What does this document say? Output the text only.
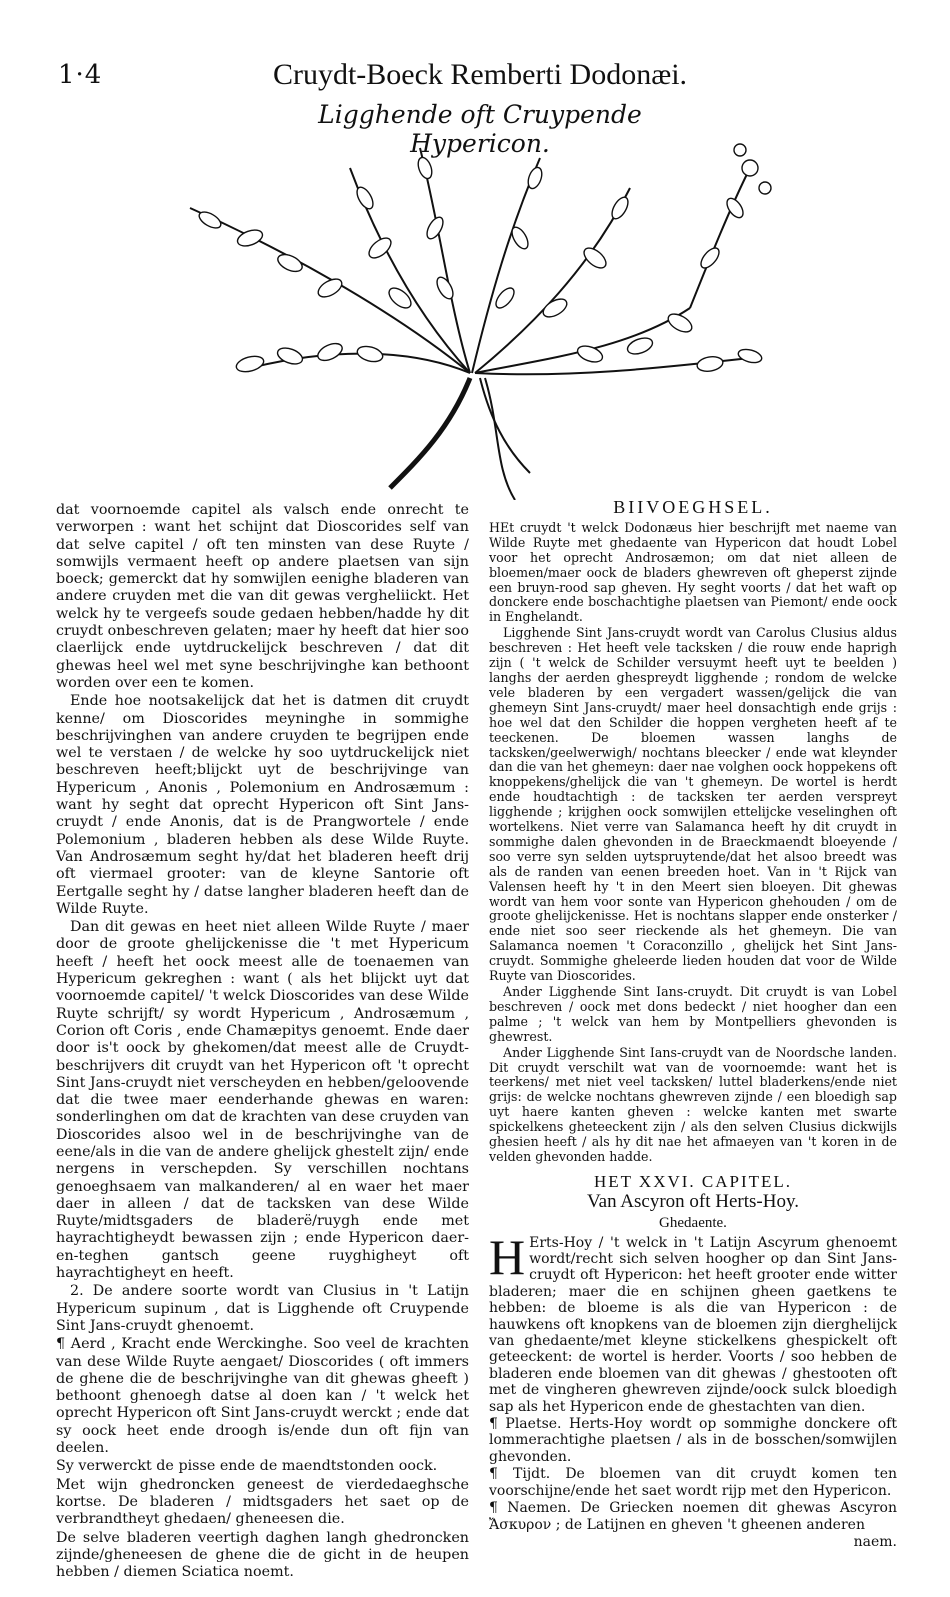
1·4	Cruydt-Boeck Remberti Dodonæi.
Ligghende oft Cruypende Hypericon.

dat voornoemde capitel als valsch ende onrecht te verworpen : want het schijnt dat Dioscorides self van dat selve capitel / oft ten minsten van dese Ruyte / somwijls vermaent heeft op andere plaetsen van sijn boeck; gemerckt dat hy somwijlen eenighe bladeren van andere cruyden met die van dit gewas vergheliickt. Het welck hy te vergeefs soude gedaen hebben/hadde hy dit cruydt onbeschreven gelaten; maer hy heeft dat hier soo claerlijck ende uytdruckelijck beschreven / dat dit ghewas heel wel met syne beschrijvinghe kan bethoont worden over een te komen.

Ende hoe nootsakelijck dat het is datmen dit cruydt kenne/ om Dioscorides meyninghe in sommighe beschrijvinghen van andere cruyden te begrijpen ende wel te verstaen / de welcke hy soo uytdruckelijck niet beschreven heeft;blijckt uyt de beschrijvinge van Hypericum , Anonis , Polemonium en Androsæmum : want hy seght dat oprecht Hypericon oft Sint Jans-cruydt / ende Anonis, dat is de Prangwortele / ende Polemonium , bladeren hebben als dese Wilde Ruyte. Van Androsæmum seght hy/dat het bladeren heeft drij oft viermael grooter: van de kleyne Santorie oft Eertgalle seght hy / datse langher bladeren heeft dan de Wilde Ruyte.

Dan dit gewas en heet niet alleen Wilde Ruyte / maer door de groote ghelijckenisse die 't met Hypericum heeft / heeft het oock meest alle de toenaemen van Hypericum gekreghen : want ( als het blijckt uyt dat voornoemde capitel/ 't welck Dioscorides van dese Wilde Ruyte schrijft/ sy wordt Hypericum , Androsæmum , Corion oft Coris , ende Chamæpitys genoemt. Ende daer door is't oock by ghekomen/dat meest alle de Cruydt-beschrijvers dit cruydt van het Hypericon oft 't oprecht Sint Jans-cruydt niet verscheyden en hebben/geloovende dat die twee maer eenderhande ghewas en waren: sonderlinghen om dat de krachten van dese cruyden van Dioscorides alsoo wel in de beschrijvinghe van de eene/als in die van de andere ghelijck ghestelt zijn/ ende nergens in verschepden. Sy verschillen nochtans genoeghsaem van malkanderen/ al en waer het maer daer in alleen / dat de tacksken van dese Wilde Ruyte/midtsgaders de bladerë/ruygh ende met hayrachtigheydt bewassen zijn ; ende Hypericon daer-en-teghen gantsch geene ruyghigheyt oft hayrachtigheyt en heeft.

2. De andere soorte wordt van Clusius in 't Latijn Hypericum supinum , dat is Ligghende oft Cruypende Sint Jans-cruydt ghenoemt.

¶ Aerd , Kracht ende Werckinghe. Soo veel de krachten van dese Wilde Ruyte aengaet/ Dioscorides ( oft immers de ghene die de beschrijvinghe van dit ghewas gheeft ) bethoont ghenoegh datse al doen kan / 't welck het oprecht Hypericon oft Sint Jans-cruydt werckt ; ende dat sy oock heet ende droogh is/ende dun oft fijn van deelen.

Sy verwerckt de pisse ende de maendtstonden oock.

Met wijn ghedroncken geneest de vierdedaeghsche kortse. De bladeren / midtsgaders het saet op de verbrandtheyt ghedaen/ gheneesen die.

De selve bladeren veertigh daghen langh ghedroncken zijnde/gheneesen de ghene die de gicht in de heupen hebben / diemen Sciatica noemt.

BIIVOEGHSEL.

HEt cruydt 't welck Dodonæus hier beschrijft met naeme van Wilde Ruyte met ghedaente van Hypericon dat houdt Lobel voor het oprecht Androsæmon; om dat niet alleen de bloemen/maer oock de bladers ghewreven oft gheperst zijnde een bruyn-rood sap gheven. Hy seght voorts / dat het waft op donckere ende boschachtighe plaetsen van Piemont/ ende oock in Enghelandt.

Ligghende Sint Jans-cruydt wordt van Carolus Clusius aldus beschreven : Het heeft vele tacksken / die rouw ende haprigh zijn ( 't welck de Schilder versuymt heeft uyt te beelden ) langhs der aerden ghespreydt ligghende ; rondom de welcke vele bladeren by een vergadert wassen/gelijck die van ghemeyn Sint Jans-cruydt/ maer heel donsachtigh ende grijs : hoe wel dat den Schilder die hoppen vergheten heeft af te teeckenen. De bloemen wassen langhs de tacksken/geelwerwigh/ nochtans bleecker / ende wat kleynder dan die van het ghemeyn: daer nae volghen oock hoppekens oft knoppekens/ghelijck die van 't ghemeyn. De wortel is herdt ende houdtachtigh : de tacksken ter aerden verspreyt ligghende ; krijghen oock somwijlen ettelijcke veselinghen oft wortelkens. Niet verre van Salamanca heeft hy dit cruydt in sommighe dalen ghevonden in de Braeckmaendt bloeyende / soo verre syn selden uytspruytende/dat het alsoo breedt was als de randen van eenen breeden hoet. Van in 't Rijck van Valensen heeft hy 't in den Meert sien bloeyen. Dit ghewas wordt van hem voor sonte van Hypericon ghehouden / om de groote ghelijckenisse. Het is nochtans slapper ende onsterker / ende niet soo seer rieckende als het ghemeyn. Die van Salamanca noemen 't Coraconzillo , ghelijck het Sint Jans-cruydt. Sommighe gheleerde lieden houden dat voor de Wilde Ruyte van Dioscorides.

Ander Ligghende Sint Ians-cruydt. Dit cruydt is van Lobel beschreven / oock met dons bedeckt / niet hoogher dan een palme ; 't welck van hem by Montpelliers ghevonden is ghewrest.

Ander Ligghende Sint Ians-cruydt van de Noordsche landen. Dit cruydt verschilt wat van de voornoemde: want het is teerkens/ met niet veel tacksken/ luttel bladerkens/ende niet grijs: de welcke nochtans ghewreven zijnde / een bloedigh sap uyt haere kanten gheven : welcke kanten met swarte spickelkens gheteeckent zijn / als den selven Clusius dickwijls ghesien heeft / als hy dit nae het afmaeyen van 't koren in de velden ghevonden hadde.

HET XXVI. CAPITEL.
Van Ascyron oft Herts-Hoy.
Ghedaente.

H Erts-Hoy / 't welck in 't Latijn Ascyrum ghenoemt wordt/recht sich selven hoogher op dan Sint Jans-cruydt oft Hypericon: het heeft grooter ende witter bladeren; maer die en schijnen gheen gaetkens te hebben: de bloeme is als die van Hypericon : de hauwkens oft knopkens van de bloemen zijn dierghelijck van ghedaente/met kleyne stickelkens ghespickelt oft geteeckent: de wortel is herder. Voorts / soo hebben de bladeren ende bloemen van dit ghewas / ghestooten oft met de vingheren ghewreven zijnde/oock sulck bloedigh sap als het Hypericon ende de ghestachten van dien.

¶ Plaetse. Herts-Hoy wordt op sommighe donckere oft lommerachtighe plaetsen / als in de bosschen/somwijlen ghevonden.

¶ Tijdt. De bloemen van dit cruydt komen ten voorschijne/ende het saet wordt rijp met den Hypericon.

¶ Naemen. De Griecken noemen dit ghewas Ascyron Ἄσκυρον ; de Latijnen en gheven 't gheenen anderen

naem.
